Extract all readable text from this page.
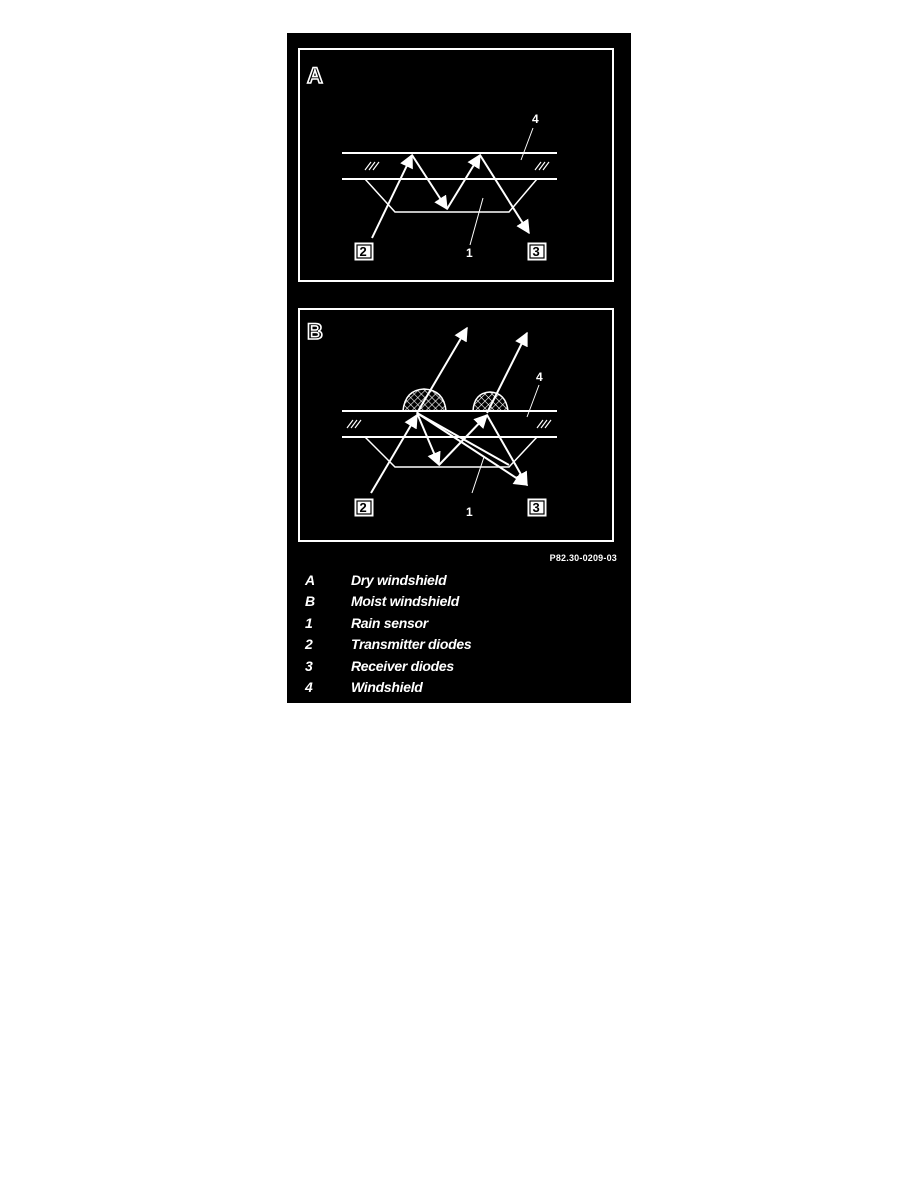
A
4
1
2	3
B
4
1
2	3
P82.30-0209-03
A	Dry windshield
B	Moist windshield
1	Rain sensor
2	Transmitter diodes
3	Receiver diodes
4	Windshield
